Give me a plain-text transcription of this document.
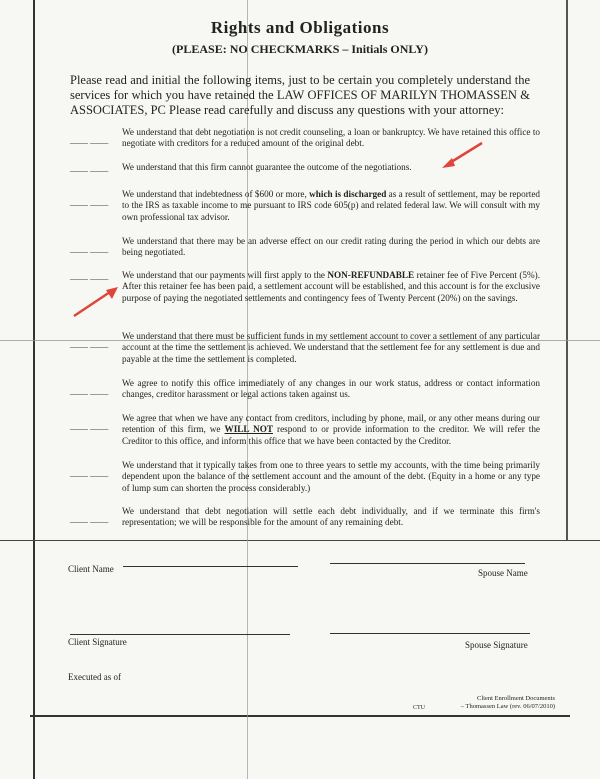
Rights and Obligations
(PLEASE: NO CHECKMARKS – Initials ONLY)
Please read and initial the following items, just to be certain you completely understand the services for which you have retained the LAW OFFICES OF MARILYN THOMASSEN & ASSOCIATES, PC Please read carefully and discuss any questions with your attorney:
____ ____
We understand that debt negotiation is not credit counseling, a loan or bankruptcy. We have retained this office to negotiate with creditors for a reduced amount of the original debt.
____ ____ We understand that this firm cannot guarantee the outcome of the negotiations.
____ ____
We understand that indebtedness of $600 or more, which is discharged as a result of settlement, may be reported to the IRS as taxable income to me pursuant to IRS code 605(p) and related federal law. We will consult with my own professional tax advisor.
____ ____
We understand that there may be an adverse effect on our credit rating during the period in which our debts are being negotiated.
____ ____ We understand that our payments will first apply to the NON-REFUNDABLE retainer fee of Five Percent (5%). After this retainer fee has been paid, a settlement account will be established, and this account is for the exclusive purpose of paying the negotiated settlements and contingency fees of Twenty Percent (20%) on the savings.
____ ____
We understand that there must be sufficient funds in my settlement account to cover a settlement of any particular account at the time the settlement is achieved. We understand that the settlement fee for any settlement is due and payable at the time the settlement is completed.
____ ____
We agree to notify this office immediately of any changes in our work status, address or contact information changes, creditor harassment or legal actions taken against us.
____ ____
We agree that when we have any contact from creditors, including by phone, mail, or any other means during our retention of this firm, we WILL NOT respond to or provide information to the creditor. We will refer the Creditor to this office, and inform this office that we have been contacted by the Creditor.
____ ____
We understand that it typically takes from one to three years to settle my accounts, with the time being primarily dependent upon the balance of the settlement account and the amount of the debt. (Equity in a home or any type of lump sum can shorten the process considerably.)
____ ____
We understand that debt negotiation will settle each debt individually, and if we terminate this firm's representation; we will be responsible for the amount of any remaining debt.
Client Name	Spouse Name
Client Signature	Spouse Signature
Executed as of
CTU
Client Enrollment Documents
– Thomassen Law (rev. 06/07/2010)
